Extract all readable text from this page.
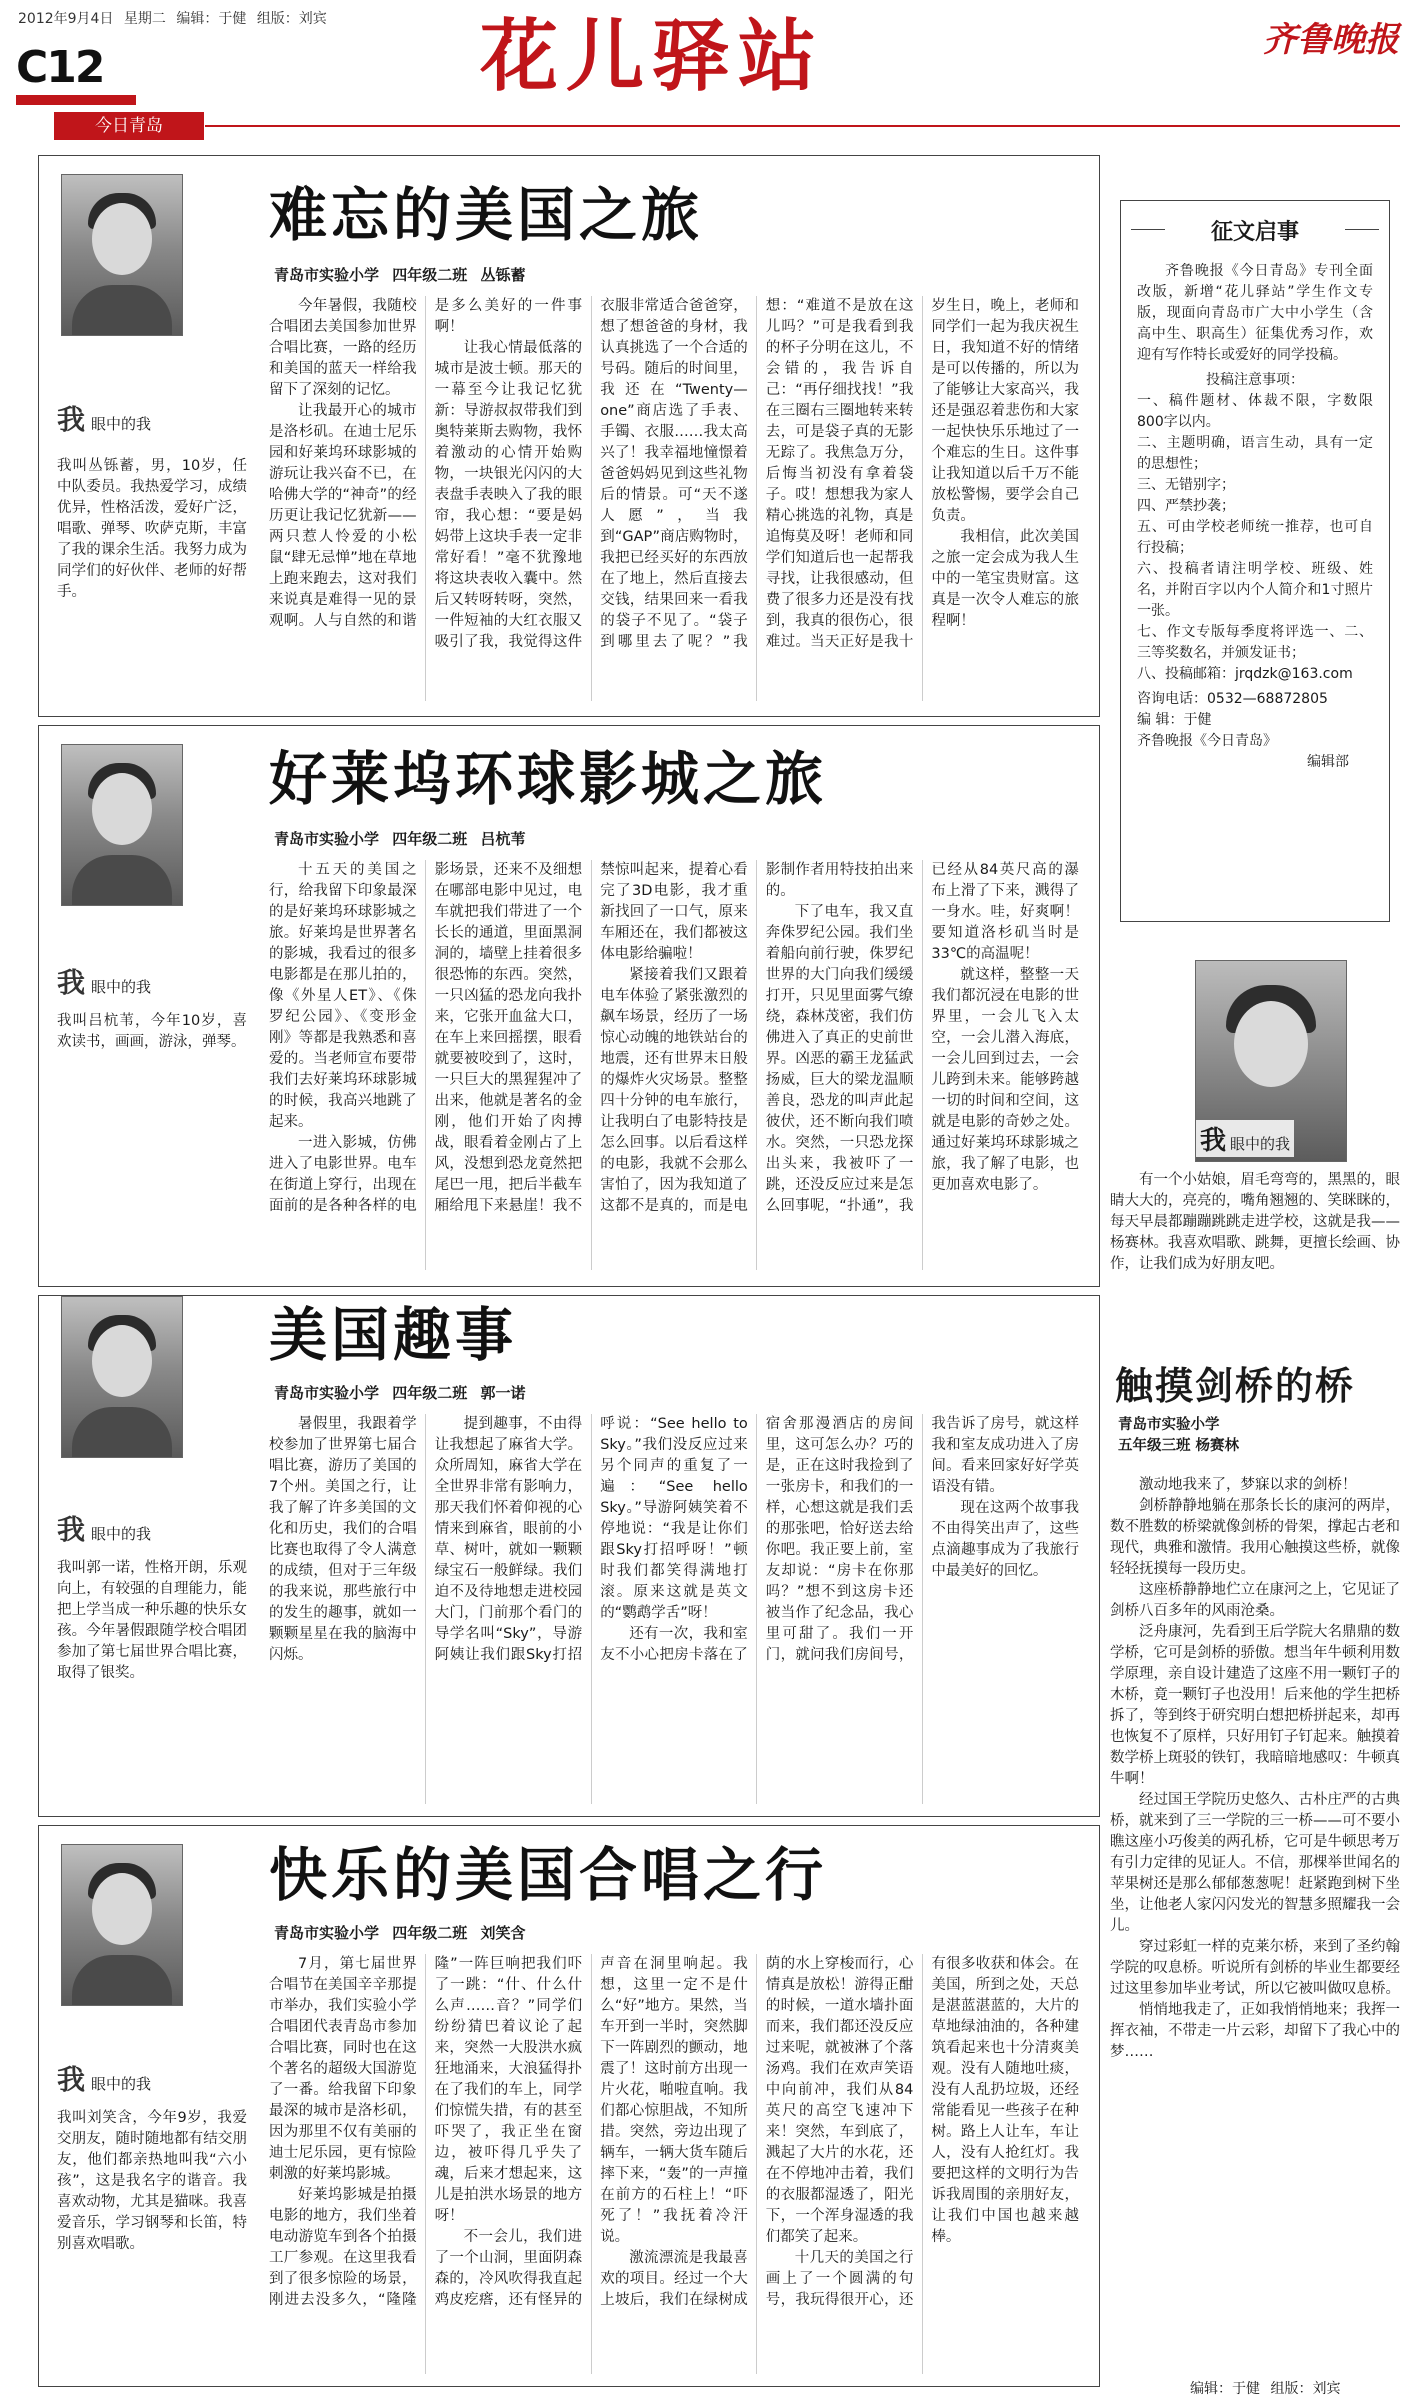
2012年9月4日 星期二 编辑：于健 组版：刘宾 花儿驿站	齐鲁晚报
C12
今日青岛
我眼中的我
我叫丛铄蓄，男，10岁，任中队委员。我热爱学习，成绩优异，性格活泼，爱好广泛，唱歌、弹琴、吹萨克斯，丰富了我的课余生活。我努力成为同学们的好伙伴、老师的好帮手。
难忘的美国之旅
青岛市实验小学 四年级二班 丛铄蓄

今年暑假，我随校合唱团去美国参加世界合唱比赛，一路的经历和美国的蓝天一样给我留下了深刻的记忆。

让我最开心的城市是洛杉矶。在迪士尼乐园和好莱坞环球影城的游玩让我兴奋不已，在哈佛大学的“神奇”的经历更让我记忆犹新——两只惹人怜爱的小松鼠“肆无忌惮”地在草地上跑来跑去，这对我们来说真是难得一见的景观啊。人与自然的和谐是多么美好的一件事啊！

让我心情最低落的城市是波士顿。那天的一幕至今让我记忆犹新：导游叔叔带我们到奥特莱斯去购物，我怀着激动的心情开始购物，一块银光闪闪的大表盘手表映入了我的眼帘，我心想：“要是妈妈带上这块手表一定非常好看！”毫不犹豫地将这块表收入囊中。然后又转呀转呀，突然，一件短袖的大红衣服又吸引了我，我觉得这件衣服非常适合爸爸穿，想了想爸爸的身材，我认真挑选了一个合适的号码。随后的时间里，我还在“Twenty—one”商店选了手表、手镯、衣服……我太高兴了！我幸福地憧憬着爸爸妈妈见到这些礼物后的情景。可“天不遂人愿”，当我到“GAP”商店购物时，我把已经买好的东西放在了地上，然后直接去交钱，结果回来一看我的袋子不见了。“袋子到哪里去了呢？”我想：“难道不是放在这儿吗？”可是我看到我的杯子分明在这儿，不会错的，我告诉自己：“再仔细找找！”我在三圈右三圈地转来转去，可是袋子真的无影无踪了。我焦急万分，后悔当初没有拿着袋子。哎！想想我为家人精心挑选的礼物，真是追悔莫及呀！老师和同学们知道后也一起帮我寻找，让我很感动，但费了很多力还是没有找到，我真的很伤心，很难过。当天正好是我十岁生日，晚上，老师和同学们一起为我庆祝生日，我知道不好的情绪是可以传播的，所以为了能够让大家高兴，我还是强忍着悲伤和大家一起快快乐乐地过了一个难忘的生日。这件事让我知道以后千万不能放松警惕，要学会自己负责。

我相信，此次美国之旅一定会成为我人生中的一笔宝贵财富。这真是一次令人难忘的旅程啊！

我眼中的我
我叫吕杭苇，今年10岁，喜欢读书，画画，游泳，弹琴。
好莱坞环球影城之旅
青岛市实验小学 四年级二班 吕杭苇

十五天的美国之行，给我留下印象最深的是好莱坞环球影城之旅。好莱坞是世界著名的影城，我看过的很多电影都是在那儿拍的，像《外星人ET》、《侏罗纪公园》、《变形金刚》等都是我熟悉和喜爱的。当老师宣布要带我们去好莱坞环球影城的时候，我高兴地跳了起来。

一进入影城，仿佛进入了电影世界。电车在街道上穿行，出现在面前的是各种各样的电影场景，还来不及细想在哪部电影中见过，电车就把我们带进了一个长长的通道，里面黑洞洞的，墙壁上挂着很多很恐怖的东西。突然，一只凶猛的恐龙向我扑来，它张开血盆大口，在车上来回摇摆，眼看就要被咬到了，这时，一只巨大的黑猩猩冲了出来，他就是著名的金刚，他们开始了肉搏战，眼看着金刚占了上风，没想到恐龙竟然把尾巴一甩，把后半截车厢给甩下来悬崖！我不禁惊叫起来，提着心看完了3D电影，我才重新找回了一口气，原来车厢还在，我们都被这体电影给骗啦！

紧接着我们又跟着电车体验了紧张激烈的飙车场景，经历了一场惊心动魄的地铁站台的地震，还有世界末日般的爆炸火灾场景。整整四十分钟的电车旅行，让我明白了电影特技是怎么回事。以后看这样的电影，我就不会那么害怕了，因为我知道了这都不是真的，而是电影制作者用特技拍出来的。

下了电车，我又直奔侏罗纪公园。我们坐着船向前行驶，侏罗纪世界的大门向我们缓缓打开，只见里面雾气缭绕，森林茂密，我们仿佛进入了真正的史前世界。凶恶的霸王龙猛武扬威，巨大的梁龙温顺善良，恐龙的叫声此起彼伏，还不断向我们喷水。突然，一只恐龙探出头来，我被吓了一跳，还没反应过来是怎么回事呢，“扑通”，我已经从84英尺高的瀑布上滑了下来，溅得了一身水。哇，好爽啊！要知道洛杉矶当时是33℃的高温呢！

就这样，整整一天我们都沉浸在电影的世界里，一会儿飞入太空，一会儿潜入海底，一会儿回到过去，一会儿跨到未来。能够跨越一切的时间和空间，这就是电影的奇妙之处。通过好莱坞环球影城之旅，我了解了电影，也更加喜欢电影了。

我眼中的我
我叫郭一诺，性格开朗，乐观向上，有较强的自理能力，能把上学当成一种乐趣的快乐女孩。今年暑假跟随学校合唱团参加了第七届世界合唱比赛，取得了银奖。
美国趣事
青岛市实验小学 四年级二班 郭一诺

暑假里，我跟着学校参加了世界第七届合唱比赛，游历了美国的7个州。美国之行，让我了解了许多美国的文化和历史，我们的合唱比赛也取得了令人满意的成绩，但对于三年级的我来说，那些旅行中的发生的趣事，就如一颗颗星星在我的脑海中闪烁。

提到趣事，不由得让我想起了麻省大学。众所周知，麻省大学在全世界非常有影响力，那天我们怀着仰视的心情来到麻省，眼前的小草、树叶，就如一颗颗绿宝石一般鲜绿。我们迫不及待地想走进校园大门，门前那个看门的导学名叫“Sky”，导游阿姨让我们跟Sky打招呼说：“See hello to Sky。”我们没反应过来另个同声的重复了一遍：“See hello Sky。”导游阿姨笑着不停地说：“我是让你们跟Sky打招呼呀！”顿时我们都笑得满地打滚。原来这就是英文的“鹦鹉学舌”呀！

还有一次，我和室友不小心把房卡落在了宿舍那漫酒店的房间里，这可怎么办？巧的是，正在这时我捡到了一张房卡，和我们的一样，心想这就是我们丢的那张吧，恰好送去给你吧。我正要上前，室友却说：“房卡在你那吗？”想不到这房卡还被当作了纪念品，我心里可甜了。我们一开门，就问我们房间号，我告诉了房号，就这样我和室友成功进入了房间。看来回家好好学英语没有错。

现在这两个故事我不由得笑出声了，这些点滴趣事成为了我旅行中最美好的回忆。

我眼中的我
我叫刘笑含，今年9岁，我爱交朋友，随时随地都有结交朋友，他们都亲热地叫我“六小孩”，这是我名字的谐音。我喜欢动物，尤其是猫咪。我喜爱音乐，学习钢琴和长笛，特别喜欢唱歌。
快乐的美国合唱之行
青岛市实验小学 四年级二班 刘笑含

7月，第七届世界合唱节在美国辛辛那提市举办，我们实验小学合唱团代表青岛市参加合唱比赛，同时也在这个著名的超级大国游览了一番。给我留下印象最深的城市是洛杉矶，因为那里不仅有美丽的迪士尼乐园，更有惊险刺激的好莱坞影城。

好莱坞影城是拍摄电影的地方，我们坐着电动游览车到各个拍摄工厂参观。在这里我看到了很多惊险的场景，刚进去没多久，“隆隆隆”一阵巨响把我们吓了一跳：“什、什么什么声……音？”同学们纷纷猜巴着议论了起来，突然一大股洪水疯狂地涌来，大浪猛得扑在了我们的车上，同学们惊慌失措，有的甚至吓哭了，我正坐在窗边，被吓得几乎失了魂，后来才想起来，这儿是拍洪水场景的地方呀！

不一会儿，我们进了一个山洞，里面阴森森的，冷风吹得我直起鸡皮疙瘩，还有怪异的声音在洞里响起。我想，这里一定不是什么“好”地方。果然，当车开到一半时，突然脚下一阵剧烈的颤动，地震了！这时前方出现一片火花，啪啦直响。我们都心惊胆战，不知所措。突然，旁边出现了辆车，一辆大货车随后摔下来，“轰”的一声撞在前方的石柱上！“吓死了！”我抚着冷汗说。

激流漂流是我最喜欢的项目。经过一个大上坡后，我们在绿树成荫的水上穿梭而行，心情真是放松！游得正酣的时候，一道水墙扑面而来，我们都还没反应过来呢，就被淋了个落汤鸡。我们在欢声笑语中向前冲，我们从84英尺的高空飞速冲下来！突然，车到底了，溅起了大片的水花，还在不停地冲击着，我们的衣服都湿透了，阳光下，一个浑身湿透的我们都笑了起来。

十几天的美国之行画上了一个圆满的句号，我玩得很开心，还有很多收获和体会。在美国，所到之处，天总是湛蓝湛蓝的，大片的草地绿油油的，各种建筑看起来也十分清爽美观。没有人随地吐痰，没有人乱扔垃圾，还经常能看见一些孩子在种树。路上人让车，车让人，没有人抢红灯。我要把这样的文明行为告诉我周围的亲朋好友，让我们中国也越来越棒。

征文启事

齐鲁晚报《今日青岛》专刊全面改版，新增“花儿驿站”学生作文专版，现面向青岛市广大中小学生（含高中生、职高生）征集优秀习作，欢迎有写作特长或爱好的同学投稿。

投稿注意事项：

一、稿件题材、体裁不限，字数限800字以内。

二、主题明确，语言生动，具有一定的思想性；

三、无错别字；

四、严禁抄袭；

五、可由学校老师统一推荐，也可自行投稿；

六、投稿者请注明学校、班级、姓名，并附百字以内个人简介和1寸照片一张。

七、作文专版每季度将评选一、二、三等奖数名，并颁发证书；

八、投稿邮箱：jrqdzk@163.com

咨询电话：0532—68872805

编 辑：于健

齐鲁晚报《今日青岛》

编辑部

我眼中的我
有一个小姑娘，眉毛弯弯的，黑黑的，眼睛大大的，亮亮的，嘴角翘翘的、笑眯眯的，每天早晨都蹦蹦跳跳走进学校，这就是我——杨赛林。我喜欢唱歌、跳舞，更擅长绘画、协作，让我们成为好朋友吧。
触摸剑桥的桥
青岛市实验小学
五年级三班 杨赛林

激动地我来了，梦寐以求的剑桥！

剑桥静静地躺在那条长长的康河的两岸，数不胜数的桥梁就像剑桥的骨架，撑起古老和现代，典雅和激情。我用心触摸这些桥，就像轻轻抚摸每一段历史。

这座桥静静地伫立在康河之上，它见证了剑桥八百多年的风雨沧桑。

泛舟康河，先看到王后学院大名鼎鼎的数学桥，它可是剑桥的骄傲。想当年牛顿利用数学原理，亲自设计建造了这座不用一颗钉子的木桥，竟一颗钉子也没用！后来他的学生把桥拆了，等到终于研究明白想把桥拼起来，却再也恢复不了原样，只好用钉子钉起来。触摸着数学桥上斑驳的铁钉，我暗暗地感叹：牛顿真牛啊！

经过国王学院历史悠久、古朴庄严的古典桥，就来到了三一学院的三一桥——可不要小瞧这座小巧俊美的两孔桥，它可是牛顿思考万有引力定律的见证人。不信，那棵举世闻名的苹果树还是那么郁郁葱葱呢！赶紧跑到树下坐坐，让他老人家闪闪发光的智慧多照耀我一会儿。

穿过彩虹一样的克莱尔桥，来到了圣约翰学院的叹息桥。听说所有剑桥的毕业生都要经过这里参加毕业考试，所以它被叫做叹息桥。

悄悄地我走了，正如我悄悄地来；我挥一挥衣袖，不带走一片云彩，却留下了我心中的梦……

编辑：于健 组版：刘宾
